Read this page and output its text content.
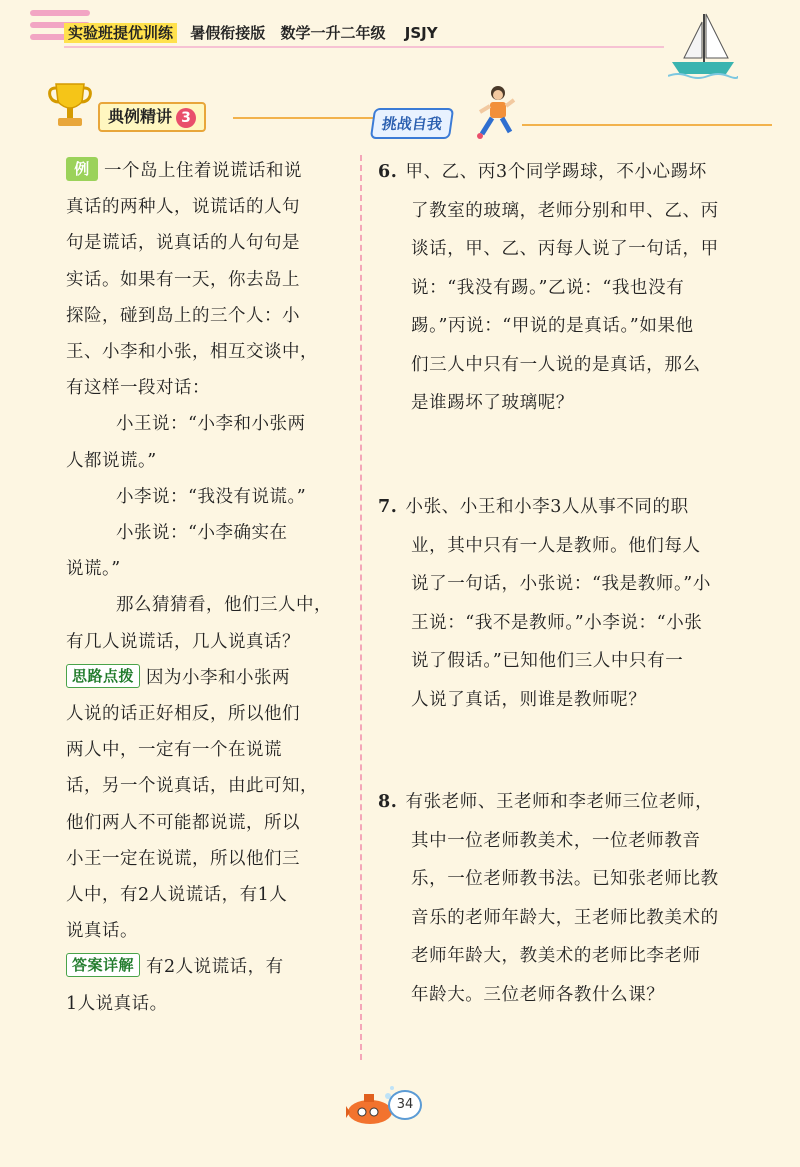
实验班提优训练 暑假衔接版 数学一升二年级 JSJY
典例精讲 3	挑战自我

例 一个岛上住着说谎话和说

真话的两种人，说谎话的人句

句是谎话，说真话的人句句是

实话。如果有一天，你去岛上

探险，碰到岛上的三个人：小

王、小李和小张，相互交谈中，

有这样一段对话：

小王说：“小李和小张两

人都说谎。”

小李说：“我没有说谎。”

小张说：“小李确实在

说谎。”

那么猜猜看，他们三人中，

有几人说谎话，几人说真话？

思路点拨 因为小李和小张两

人说的话正好相反，所以他们

两人中，一定有一个在说谎

话，另一个说真话，由此可知，

他们两人不可能都说谎，所以

小王一定在说谎，所以他们三

人中，有2人说谎话，有1人

说真话。

答案详解 有2人说谎话，有

1人说真话。

6. 甲、乙、丙3个同学踢球，不小心踢坏

了教室的玻璃，老师分别和甲、乙、丙

谈话，甲、乙、丙每人说了一句话，甲

说：“我没有踢。”乙说：“我也没有

踢。”丙说：“甲说的是真话。”如果他

们三人中只有一人说的是真话，那么

是谁踢坏了玻璃呢？

7. 小张、小王和小李3人从事不同的职

业，其中只有一人是教师。他们每人

说了一句话，小张说：“我是教师。”小

王说：“我不是教师。”小李说：“小张

说了假话。”已知他们三人中只有一

人说了真话，则谁是教师呢？

8. 有张老师、王老师和李老师三位老师，

其中一位老师教美术，一位老师教音

乐，一位老师教书法。已知张老师比教

音乐的老师年龄大，王老师比教美术的

老师年龄大，教美术的老师比李老师

年龄大。三位老师各教什么课？

34
